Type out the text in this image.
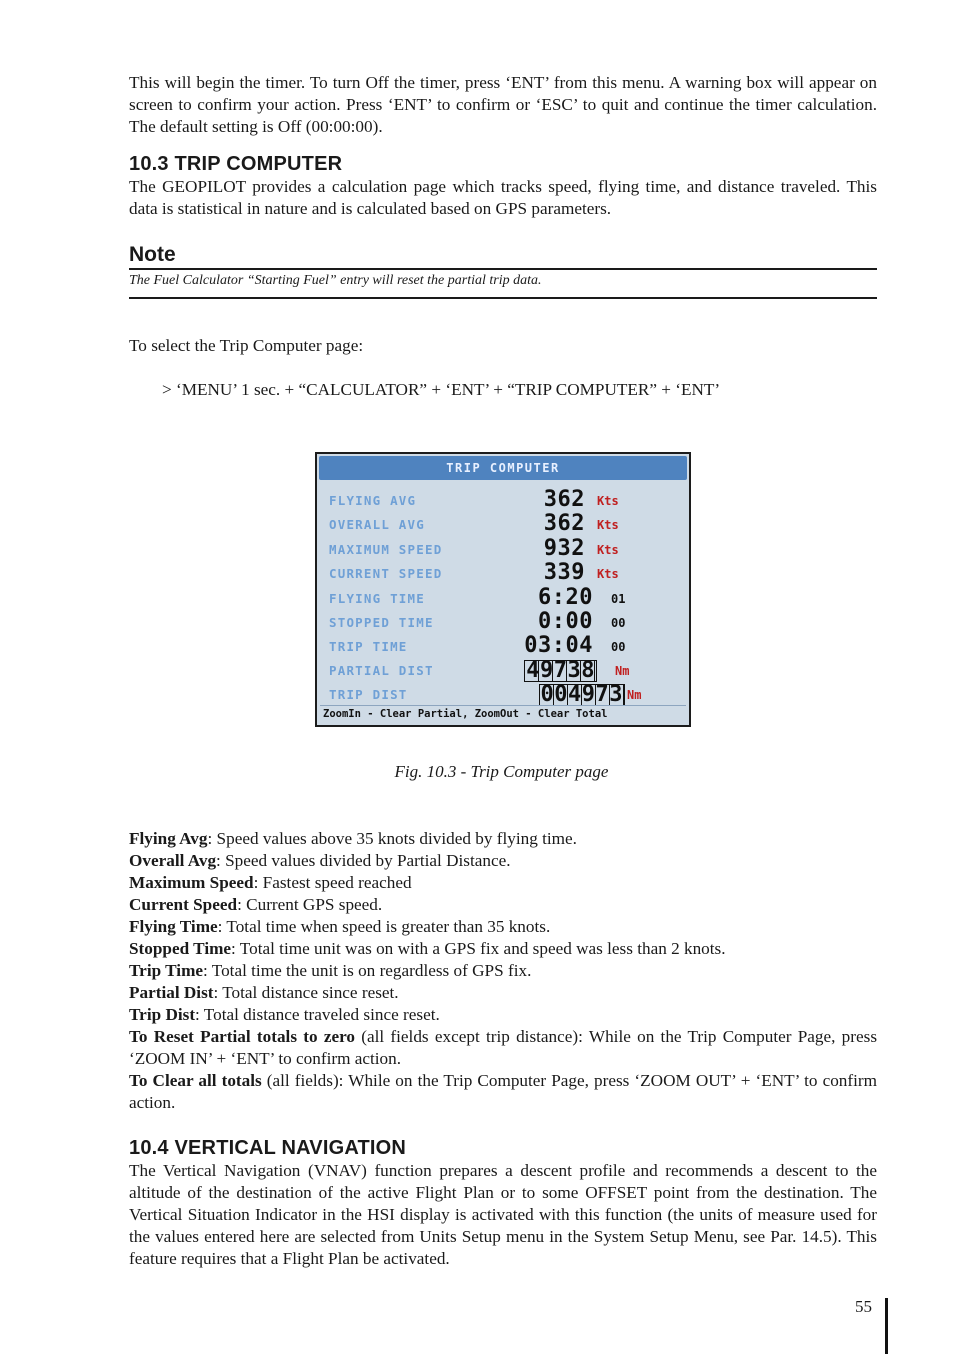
This will begin the timer. To turn Off the timer, press ‘ENT’ from this menu. A warning box will appear on screen to confirm your action. Press ‘ENT’ to confirm or ‘ESC’ to quit and continue the timer calculation. The default setting is Off (00:00:00).

10.3 TRIP COMPUTER

The GEOPILOT provides a calculation page which tracks speed, flying time, and distance traveled. This data is statistical in nature and is calculated based on GPS parameters.

Note
The Fuel Calculator “Starting Fuel” entry will reset the partial trip data.

To select the Trip Computer page:

> ‘MENU’ 1 sec. + “CALCULATOR” + ‘ENT’ + “TRIP COMPUTER” + ‘ENT’

TRIP COMPUTER
FLYING AVG	362 Kts
OVERALL AVG	362 Kts
MAXIMUM SPEED	932 Kts
CURRENT SPEED	339 Kts
FLYING TIME	6:20 01
STOPPED TIME	0:00 00
TRIP TIME	03:04 00
PARTIAL DIST	49738 Nm
TRIP DIST	004973 Nm
ZoomIn - Clear Partial, ZoomOut - Clear Total
Fig. 10.3 - Trip Computer page

Flying Avg: Speed values above 35 knots divided by flying time.

Overall Avg: Speed values divided by Partial Distance.

Maximum Speed: Fastest speed reached

Current Speed: Current GPS speed.

Flying Time: Total time when speed is greater than 35 knots.

Stopped Time: Total time unit was on with a GPS fix and speed was less than 2 knots.

Trip Time: Total time the unit is on regardless of GPS fix.

Partial Dist: Total distance since reset.

Trip Dist: Total distance traveled since reset.

To Reset Partial totals to zero (all fields except trip distance): While on the Trip Computer Page, press ‘ZOOM IN’ + ‘ENT’ to confirm action.

To Clear all totals (all fields): While on the Trip Computer Page, press ‘ZOOM OUT’ + ‘ENT’ to confirm action.

10.4 VERTICAL NAVIGATION

The Vertical Navigation (VNAV) function prepares a descent profile and recommends a descent to the altitude of the destination of the active Flight Plan or to some OFFSET point from the destination. The Vertical Situation Indicator in the HSI display is activated with this function (the units of measure used for the values entered here are selected from Units Setup menu in the System Setup Menu, see Par. 14.5). This feature requires that a Flight Plan be activated.

55
